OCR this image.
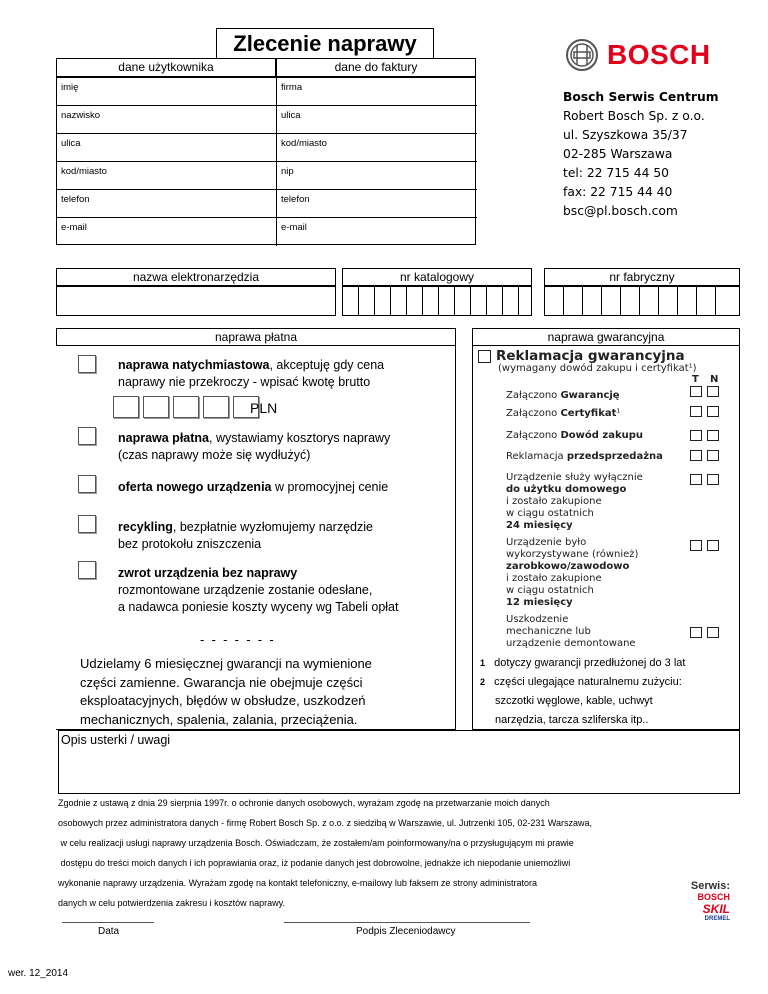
Zlecenie naprawy	BOSCH
Bosch Serwis Centrum
Robert Bosch Sp. z o.o.
ul. Szyszkowa 35/37
02-285 Warszawa
tel: 22 715 44 50
fax: 22 715 44 40
bsc@pl.bosch.com
dane użytkownika	dane do faktury
imię	firma
nazwisko	ulica
ulica	kod/miasto
kod/miasto	nip
telefon	telefon
e-mail	e-mail
nazwa elektronarzędzia	nr katalogowy	nr fabryczny
naprawa płatna
naprawa natychmiastowa, akceptuję gdy cena
naprawy nie przekroczy - wpisać kwotę brutto
PLN
naprawa płatna, wystawiamy kosztorys naprawy
(czas naprawy może się wydłużyć)
oferta nowego urządzenia w promocyjnej cenie
recykling, bezpłatnie wyzłomujemy narzędzie
bez protokołu zniszczenia
zwrot urządzenia bez naprawy
rozmontowane urządzenie zostanie odesłane,
a nadawca poniesie koszty wyceny wg Tabeli opłat
-  -  -  -  -  -  -
Udzielamy 6 miesięcznej gwarancji na wymienione
części zamienne. Gwarancja nie obejmuje części
eksploatacyjnych, błędów w obsłudze, uszkodzeń
mechanicznych, spalenia, zalania, przeciążenia.
naprawa gwarancyjna
Reklamacja gwarancyjna
(wymagany dowód zakupu i certyfikat¹)
T N
Załączono Gwarancję
Załączono Certyfikat¹
Załączono Dowód zakupu
Reklamacja przedsprzedażna
Urządzenie służy wyłącznie
do użytku domowego
i zostało zakupione
w ciągu ostatnich
24 miesięcy
Urządzenie było
wykorzystywane (również)
zarobkowo/zawodowo
i zostało zakupione
w ciągu ostatnich
12 miesięcy
Uszkodzenie
mechaniczne lub
urządzenie demontowane
1 dotyczy gwarancji przedłużonej do 3 lat
2 części ulegające naturalnemu zużyciu:
szczotki węglowe, kable, uchwyt
narzędzia, tarcza szliferska itp..
Opis usterki / uwagi
Zgodnie z ustawą z dnia 29 sierpnia 1997r. o ochronie danych osobowych, wyrażam zgodę na przetwarzanie moich danych
osobowych przez administratora danych - firmę Robert Bosch Sp. z o.o. z siedzibą w Warszawie, ul. Jutrzenki 105, 02-231 Warszawa,
w celu realizacji usługi naprawy urządzenia Bosch. Oświadczam, że zostałem/am poinformowany/na o przysługującym mi prawie
dostępu do treści moich danych i ich poprawiania oraz, iż podanie danych jest dobrowolne, jednakże ich niepodanie uniemożliwi
wykonanie naprawy urządzenia. Wyrażam zgodę na kontakt telefoniczny, e-mailowy lub faksem ze strony administratora
danych w celu potwierdzenia zakresu i kosztów naprawy.
Data	Podpis Zleceniodawcy
Serwis:
BOSCH
SKIL
DREMEL
wer. 12_2014
